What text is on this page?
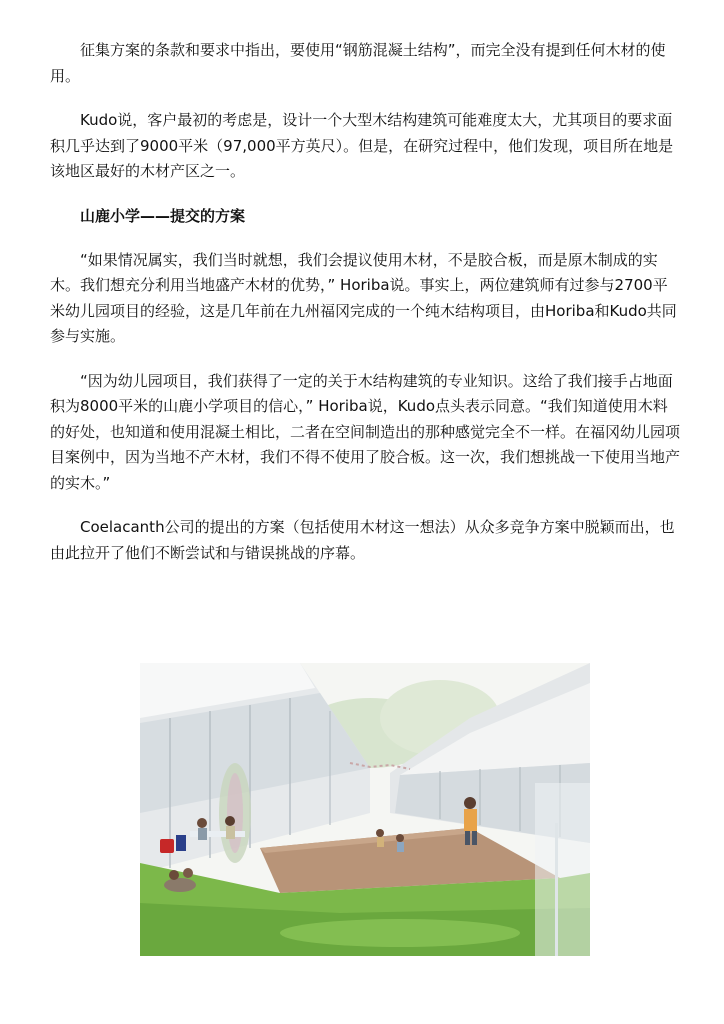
征集方案的条款和要求中指出，要使用“钢筋混凝土结构”，而完全没有提到任何木材的使用。

Kudo说，客户最初的考虑是，设计一个大型木结构建筑可能难度太大，尤其项目的要求面积几乎达到了9000平米（97,000平方英尺）。但是，在研究过程中，他们发现，项目所在地是该地区最好的木材产区之一。

山鹿小学——提交的方案

“如果情况属实，我们当时就想，我们会提议使用木材，不是胶合板，而是原木制成的实木。我们想充分利用当地盛产木材的优势，” Horiba说。事实上，两位建筑师有过参与2700平米幼儿园项目的经验，这是几年前在九州福冈完成的一个纯木结构项目，由Horiba和Kudo共同参与实施。

“因为幼儿园项目，我们获得了一定的关于木结构建筑的专业知识。这给了我们接手占地面积为8000平米的山鹿小学项目的信心，” Horiba说，Kudo点头表示同意。“我们知道使用木料的好处，也知道和使用混凝土相比，二者在空间制造出的那种感觉完全不一样。在福冈幼儿园项目案例中，因为当地不产木材，我们不得不使用了胶合板。这一次，我们想挑战一下使用当地产的实木。”

Coelacanth公司的提出的方案（包括使用木材这一想法）从众多竞争方案中脱颖而出，也由此拉开了他们不断尝试和与错误挑战的序幕。
